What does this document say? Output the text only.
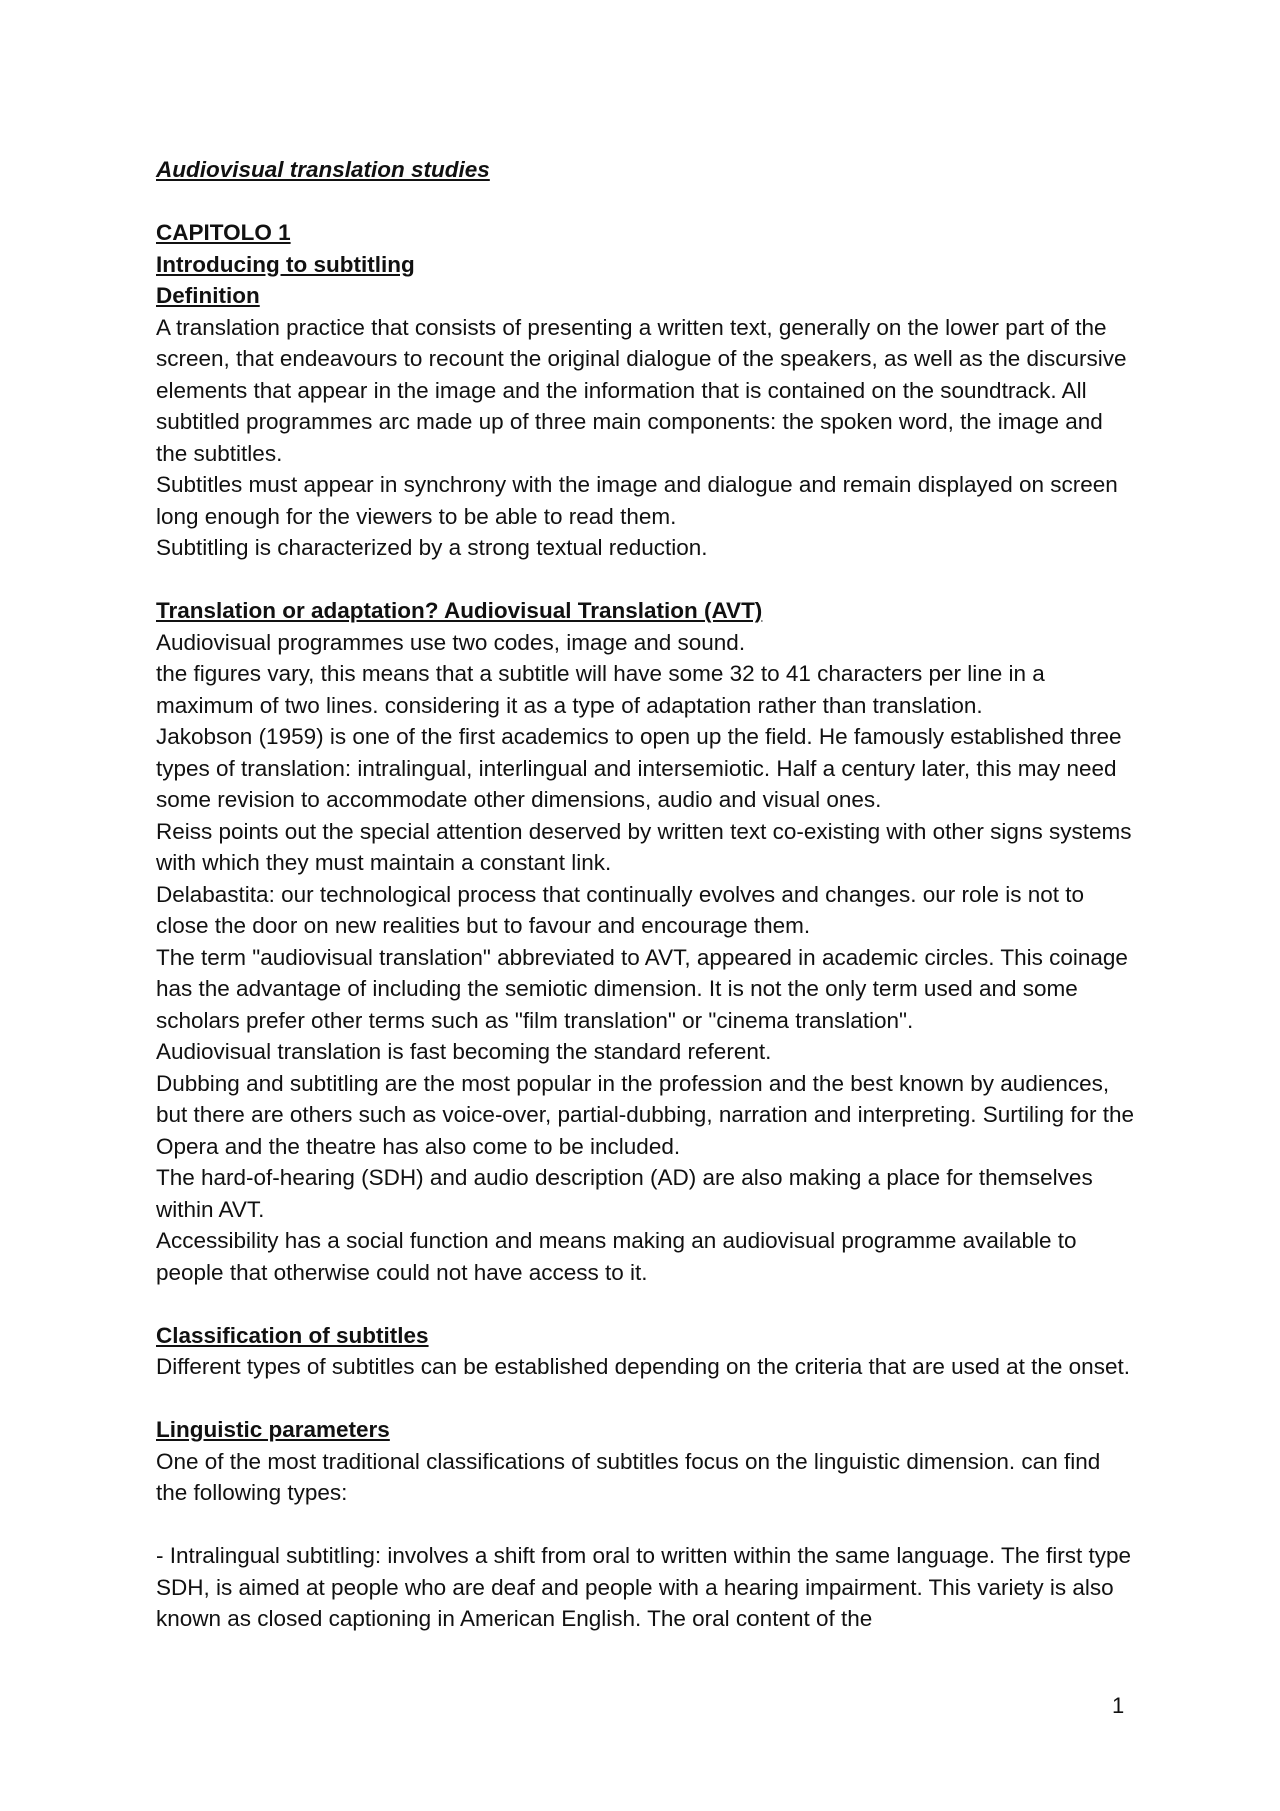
Audiovisual translation studies

CAPITOLO 1

Introducing to subtitling

Definition

A translation practice that consists of presenting a written text, generally on the lower part of the screen, that endeavours to recount the original dialogue of the speakers, as well as the discursive elements that appear in the image and the information that is contained on the soundtrack. All subtitled programmes arc made up of three main components: the spoken word, the image and the subtitles.

Subtitles must appear in synchrony with the image and dialogue and remain displayed on screen long enough for the viewers to be able to read them.

Subtitling is characterized by a strong textual reduction.

Translation or adaptation? Audiovisual Translation (AVT)

Audiovisual programmes use two codes, image and sound.

the figures vary, this means that a subtitle will have some 32 to 41 characters per line in a maximum of two lines. considering it as a type of adaptation rather than translation.

Jakobson (1959) is one of the first academics to open up the field. He famously established three types of translation: intralingual, interlingual and intersemiotic. Half a century later, this may need some revision to accommodate other dimensions, audio and visual ones.

Reiss points out the special attention deserved by written text co-existing with other signs systems with which they must maintain a constant link.

Delabastita: our technological process that continually evolves and changes. our role is not to close the door on new realities but to favour and encourage them.

The term "audiovisual translation" abbreviated to AVT, appeared in academic circles. This coinage has the advantage of including the semiotic dimension. It is not the only term used and some scholars prefer other terms such as "film translation" or "cinema translation".

Audiovisual translation is fast becoming the standard referent.

Dubbing and subtitling are the most popular in the profession and the best known by audiences, but there are others such as voice-over, partial-dubbing, narration and interpreting. Surtiling for the Opera and the theatre has also come to be included.

The hard-of-hearing (SDH) and audio description (AD) are also making a place for themselves within AVT.

Accessibility has a social function and means making an audiovisual programme available to people that otherwise could not have access to it.

Classification of subtitles

Different types of subtitles can be established depending on the criteria that are used at the onset.

Linguistic parameters

One of the most traditional classifications of subtitles focus on the linguistic dimension. can find the following types:

- Intralingual subtitling: involves a shift from oral to written within the same language. The first type SDH, is aimed at people who are deaf and people with a hearing impairment. This variety is also known as closed captioning in American English. The oral content of the

1
